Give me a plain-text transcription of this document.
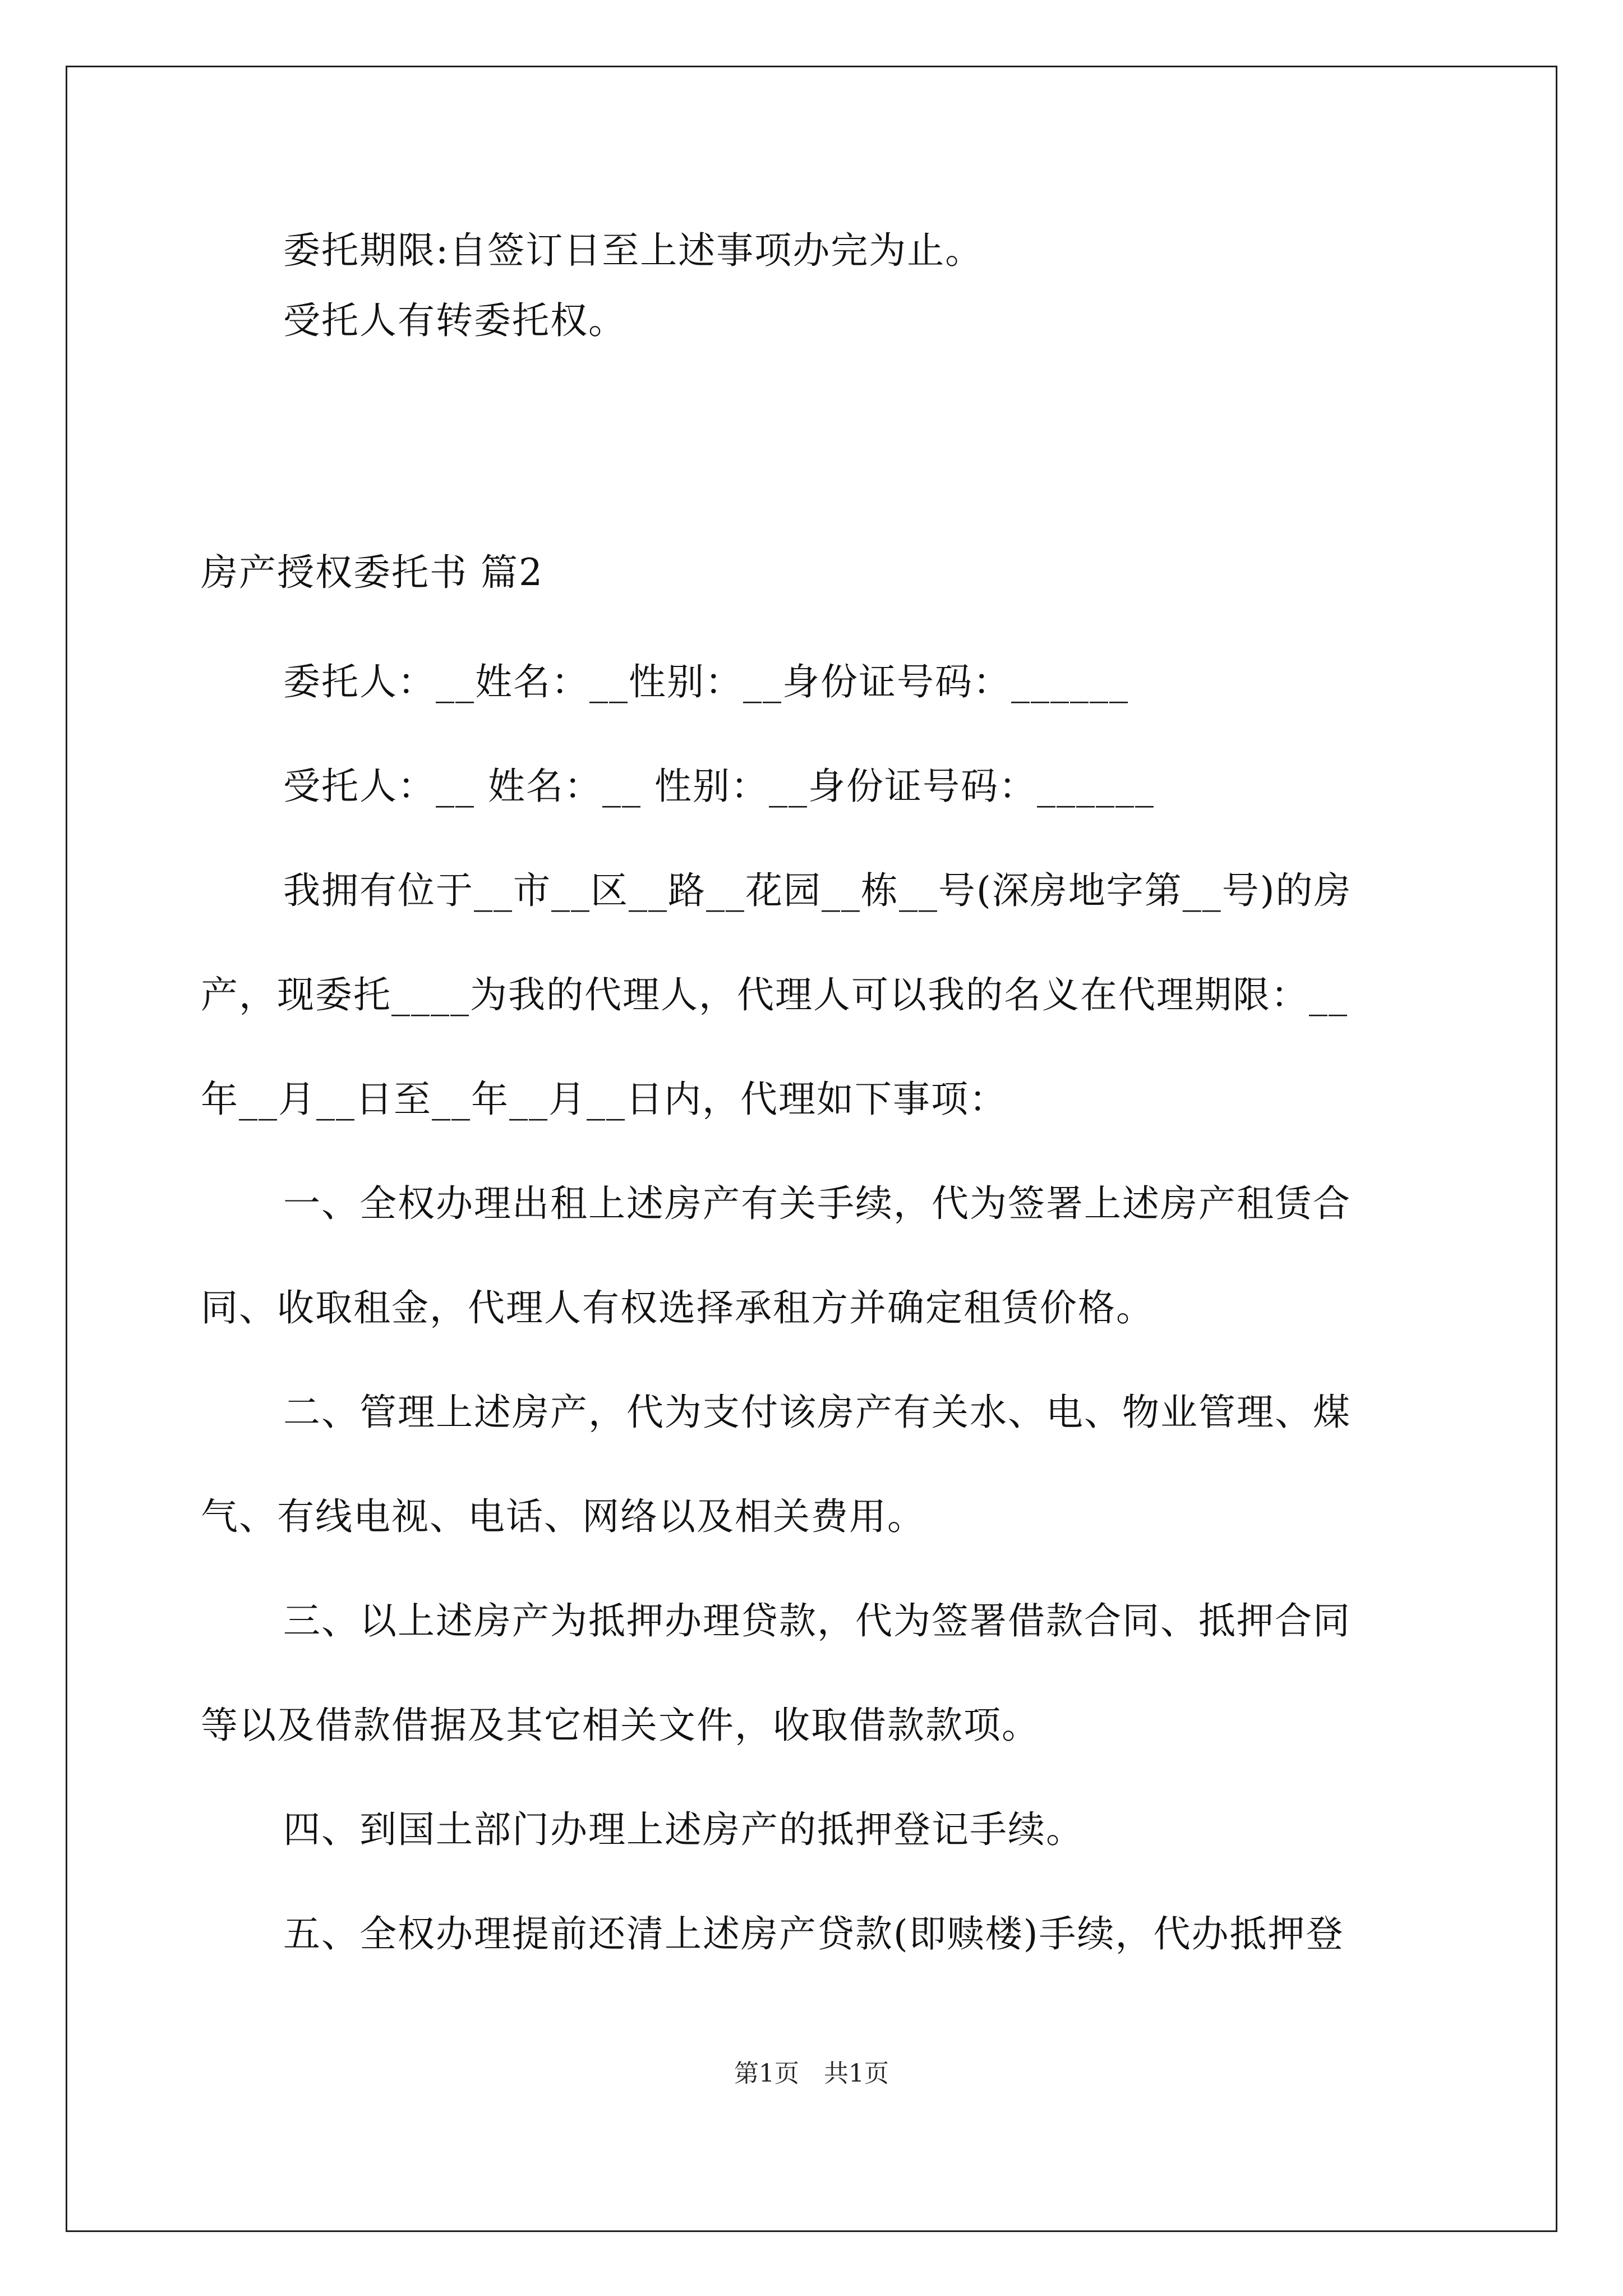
委托期限:自签订日至上述事项办完为止。
受托人有转委托权。
房产授权委托书 篇2
委托人：__姓名：__性别：__身份证号码：______
受托人：__ 姓名：__ 性别：__身份证号码：______
我拥有位于__市__区__路__花园__栋__号(深房地字第__号)的房
产，现委托____为我的代理人，代理人可以我的名义在代理期限：__
年__月__日至__年__月__日内，代理如下事项：
一、全权办理出租上述房产有关手续，代为签署上述房产租赁合
同、收取租金，代理人有权选择承租方并确定租赁价格。
二、管理上述房产，代为支付该房产有关水、电、物业管理、煤
气、有线电视、电话、网络以及相关费用。
三、以上述房产为抵押办理贷款，代为签署借款合同、抵押合同
等以及借款借据及其它相关文件，收取借款款项。
四、到国土部门办理上述房产的抵押登记手续。
五、全权办理提前还清上述房产贷款(即赎楼)手续，代办抵押登
第1页　共1页
